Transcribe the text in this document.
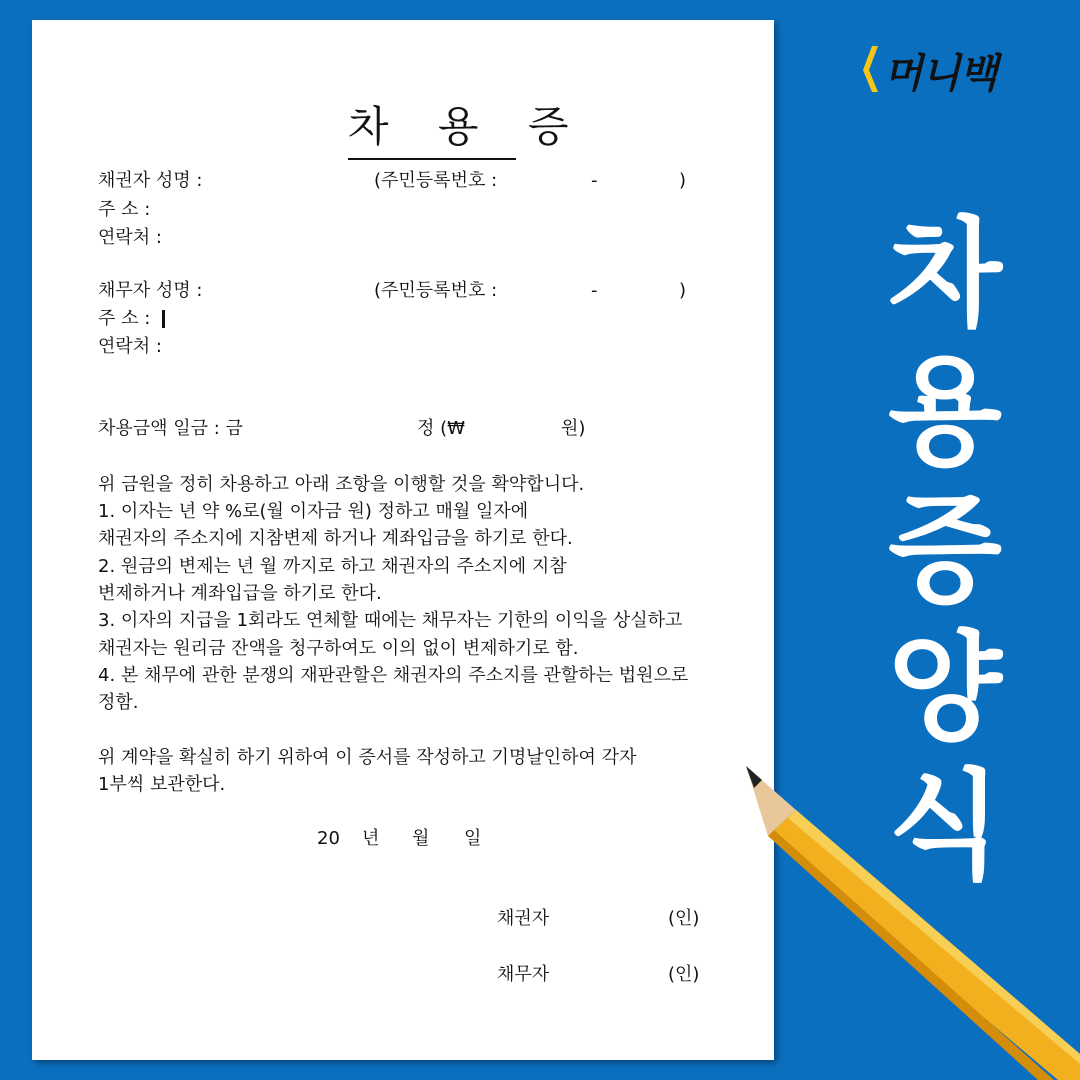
차 용 증
채권자 성명 :	(주민등록번호 :	-	)
주 소 :
연락처 :
채무자 성명 :	(주민등록번호 :	-	)
주 소 :
연락처 :
차용금액 일금 : 금	정 (₩	원)
위 금원을 정히 차용하고 아래 조항을 이행할 것을 확약합니다.
1. 이자는 년 약 %로(월 이자금 원) 정하고 매월 일자에
채권자의 주소지에 지참변제 하거나 계좌입금을 하기로 한다.
2. 원금의 변제는 년 월 까지로 하고 채권자의 주소지에 지참
변제하거나 계좌입급을 하기로 한다.
3. 이자의 지급을 1회라도 연체할 때에는 채무자는 기한의 이익을 상실하고
채권자는 원리금 잔액을 청구하여도 이의 없이 변제하기로 함.
4. 본 채무에 관한 분쟁의 재판관할은 채권자의 주소지를 관할하는 법원으로
정함.
위 계약을 확실히 하기 위하여 이 증서를 작성하고 기명날인하여 각자
1부씩 보관한다.
20 년 월 일
채권자	(인)
채무자	(인)
머니백
차
용
증
양
식
